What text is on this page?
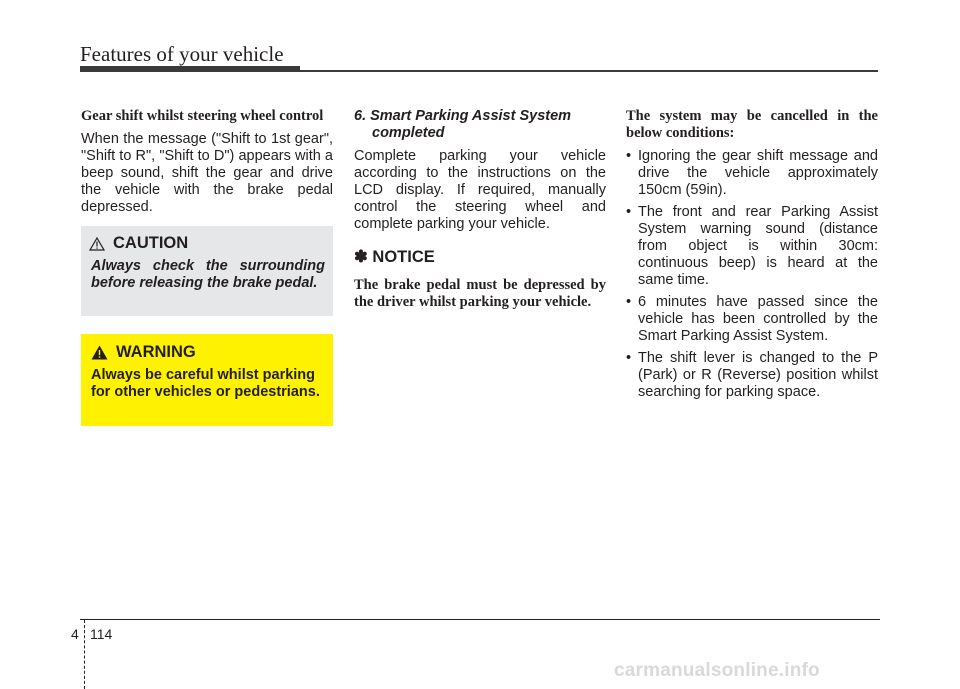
Features of your vehicle
Gear shift whilst steering wheel control
When the message ("Shift to 1st gear", "Shift to R", "Shift to D") appears with a beep sound, shift the gear and drive the vehicle with the brake pedal depressed.
CAUTION
Always check the surrounding before releasing the brake pedal.
WARNING
Always be careful whilst parking for other vehicles or pedestrians.
6. Smart Parking Assist System
completed
Complete parking your vehicle according to the instructions on the LCD display. If required, manually control the steering wheel and complete parking your vehicle.
✽ NOTICE
The brake pedal must be depressed by the driver whilst parking your vehicle.
The system may be cancelled in the below conditions:
• Ignoring the gear shift message and drive the vehicle approximately 150cm (59in).
• The front and rear Parking Assist System warning sound (distance from object is within 30cm: continuous beep) is heard at the same time.
• 6 minutes have passed since the vehicle has been controlled by the Smart Parking Assist System.
• The shift lever is changed to the P (Park) or R (Reverse) position whilst searching for parking space.
4 114
carmanualsonline.info
